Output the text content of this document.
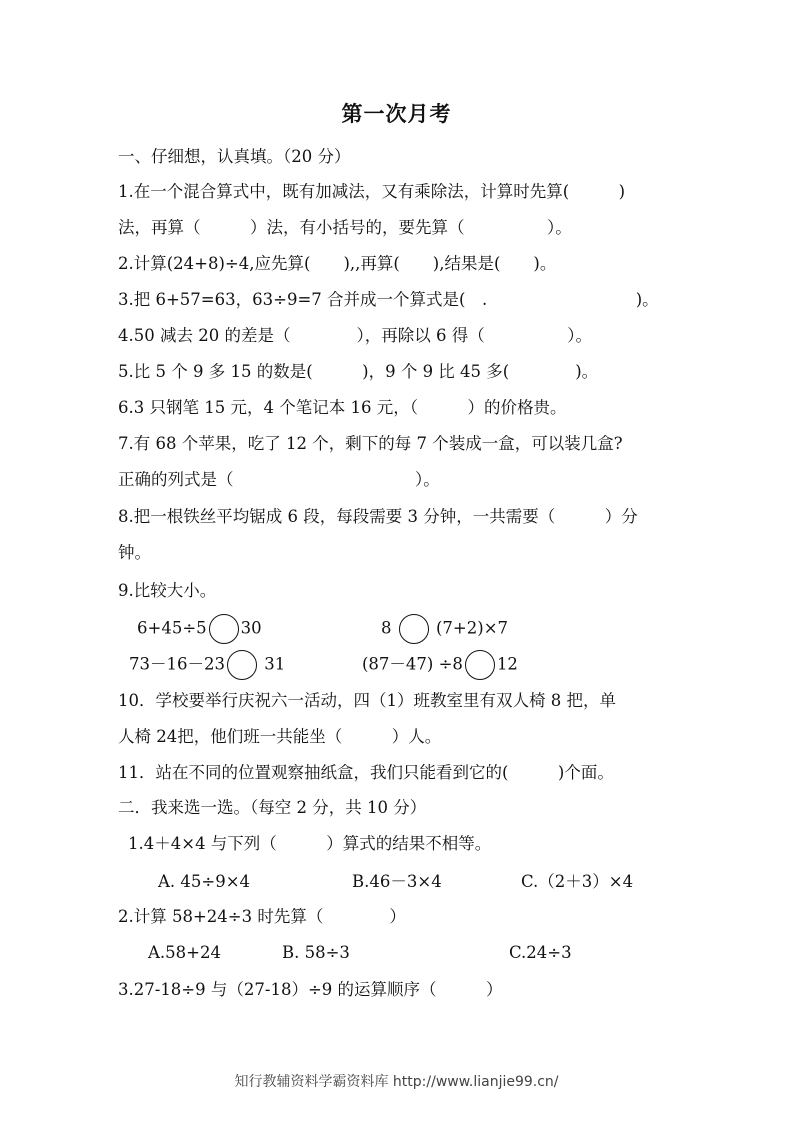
第一次月考
一、仔细想，认真填。（20 分）
1.在一个混合算式中，既有加减法，又有乘除法，计算时先算(　　　)
法，再算（　　　）法，有小括号的，要先算（　　　　　）。
2.计算(24+8)÷4,应先算(　　),,再算(　　),结果是(　　)。
3.把 6+57=63，63÷9=7 合并成一个算式是(　.　　　　　　　　　)。
4.50 减去 20 的差是（　　　　），再除以 6 得（　　　　　）。
5.比 5 个 9 多 15 的数是(　　　)，9 个 9 比 45 多(　　　　)。
6.3 只钢笔 15 元，4 个笔记本 16 元，（　　　）的价格贵。
7.有 68 个苹果，吃了 12 个，剩下的每 7 个装成一盒，可以装几盒?
正确的列式是（　　　　　　　　　　　）。
8.把一根铁丝平均锯成 6 段，每段需要 3 分钟，一共需要（　　　）分
钟。
9.比较大小。
6+45÷5 30	8	(7+2)×7
73－16－23 31	(87－47) ÷8 12
10．学校要举行庆祝六一活动，四（1）班教室里有双人椅 8 把，单
人椅 24把，他们班一共能坐（　　　）人。
11．站在不同的位置观察抽纸盒，我们只能看到它的(　　　)个面。
二．我来选一选。（每空 2 分，共 10 分）
1.4＋4×4 与下列（　　　）算式的结果不相等。
A. 45÷9×4	B.46－3×4	C.（2＋3）×4
2.计算 58+24÷3 时先算（　　　　）
A.58+24	B. 58÷3	C.24÷3
3.27-18÷9 与（27-18）÷9 的运算顺序（　　　）
知行教辅资料学霸资料库 http://www.lianjie99.cn/
